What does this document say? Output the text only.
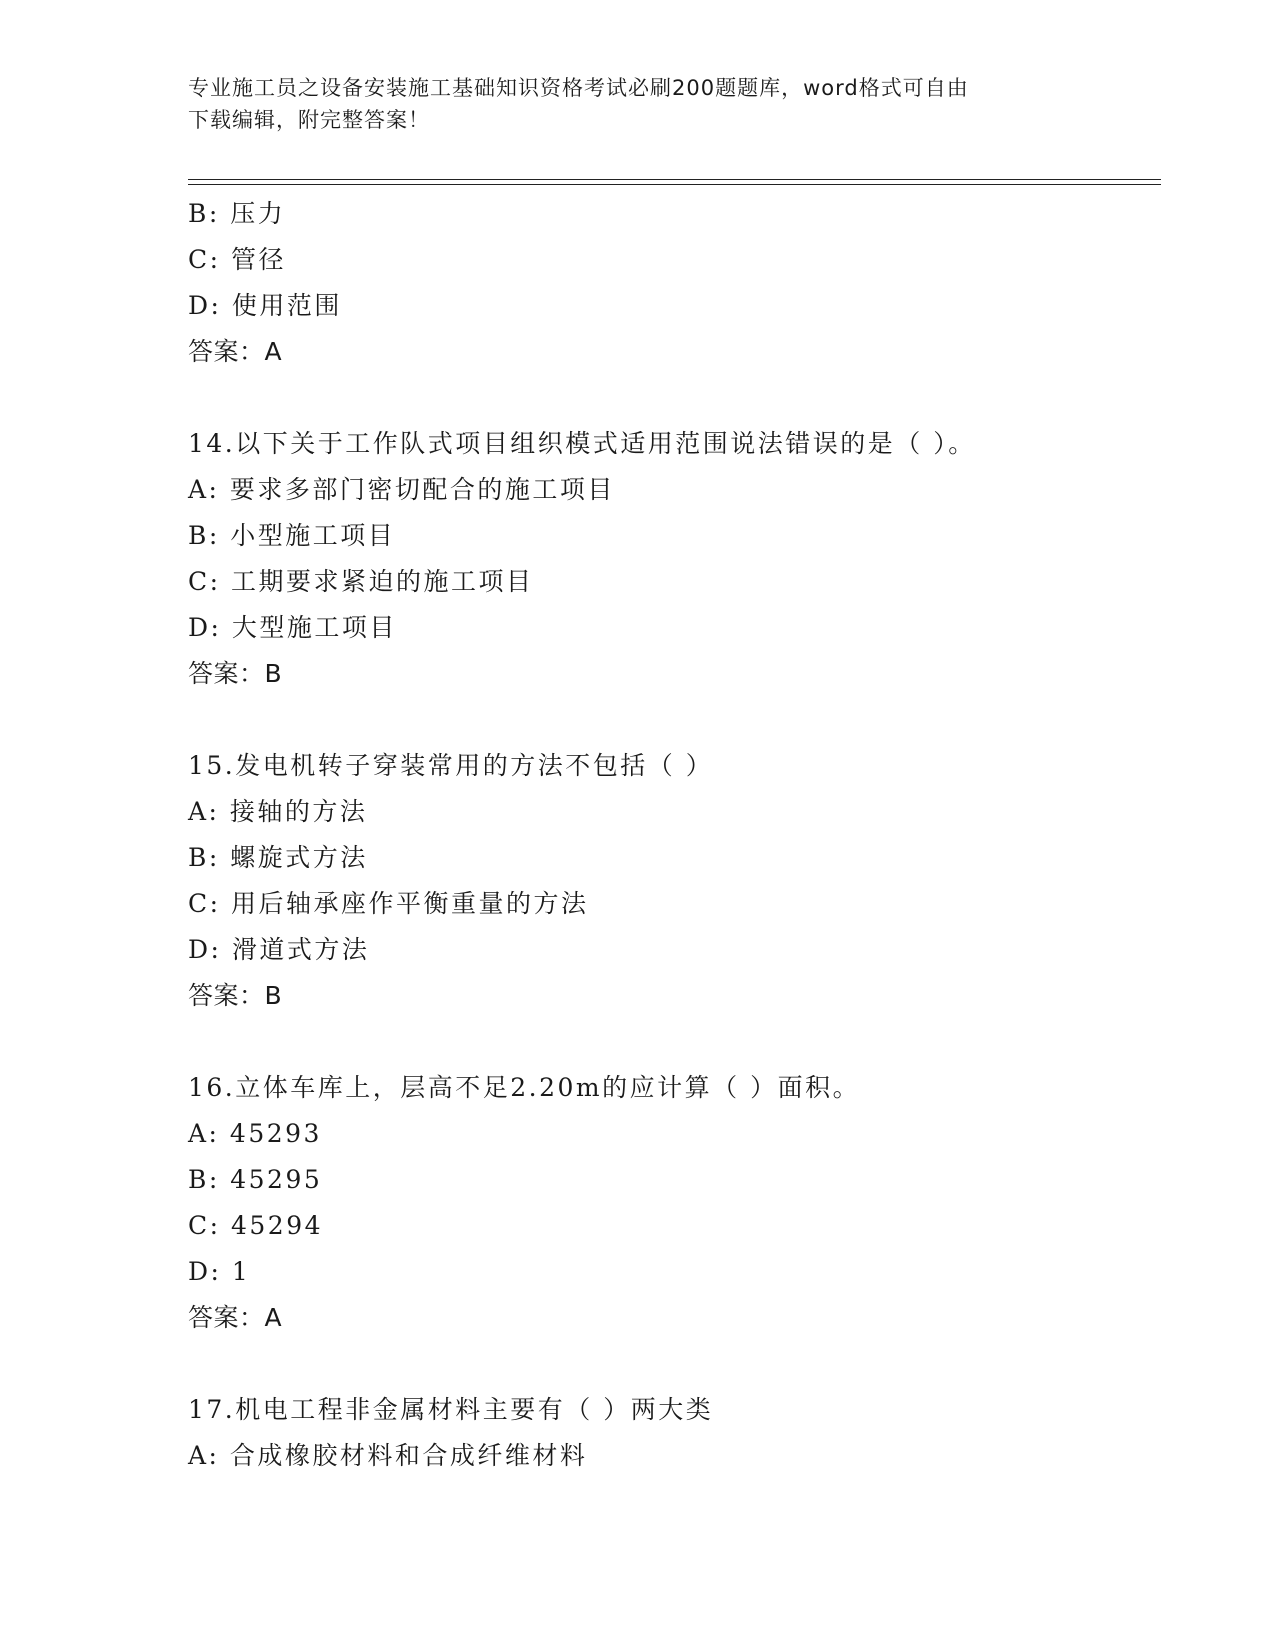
专业施工员之设备安装施工基础知识资格考试必刷200题题库，word格式可自由
下载编辑，附完整答案！
B: 压力
C: 管径
D: 使用范围
答案：A
14.以下关于工作队式项目组织模式适用范围说法错误的是（ ）。
A: 要求多部门密切配合的施工项目
B: 小型施工项目
C: 工期要求紧迫的施工项目
D: 大型施工项目
答案：B
15.发电机转子穿装常用的方法不包括（ ）
A: 接轴的方法
B: 螺旋式方法
C: 用后轴承座作平衡重量的方法
D: 滑道式方法
答案：B
16.立体车库上，层高不足2.20m的应计算（ ）面积。
A: 45293
B: 45295
C: 45294
D: 1
答案：A
17.机电工程非金属材料主要有（ ）两大类
A: 合成橡胶材料和合成纤维材料
